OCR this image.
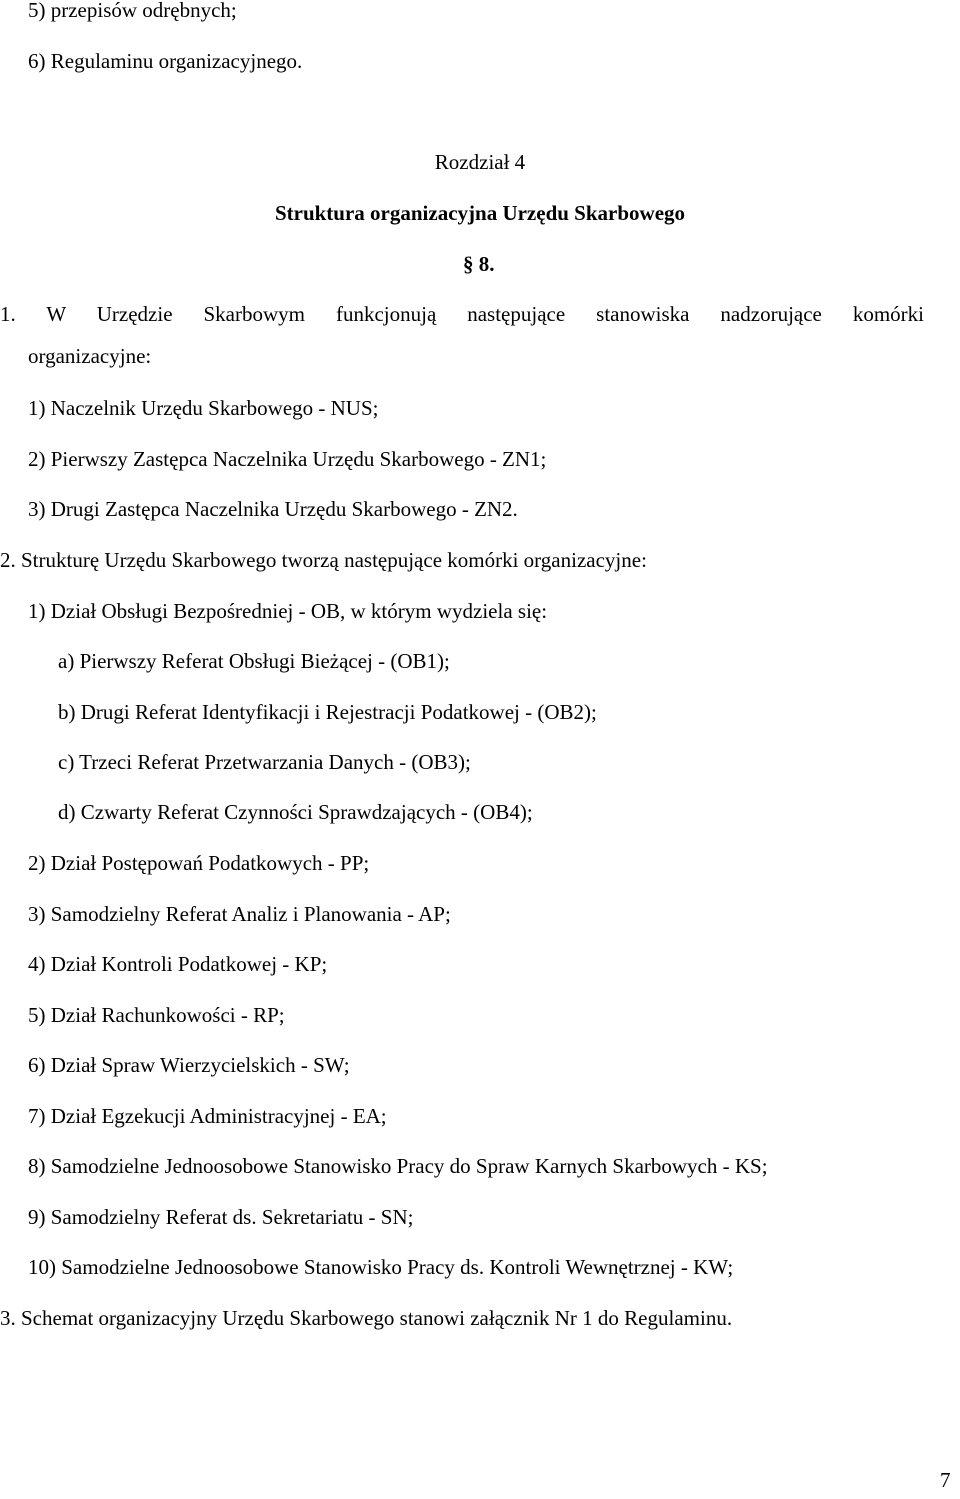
5) przepisów odrębnych;
6) Regulaminu organizacyjnego.
Rozdział 4
Struktura organizacyjna Urzędu Skarbowego
§ 8.
1. W Urzędzie Skarbowym funkcjonują następujące stanowiska nadzorujące komórki
organizacyjne:
1) Naczelnik Urzędu Skarbowego - NUS;
2) Pierwszy Zastępca Naczelnika Urzędu Skarbowego - ZN1;
3) Drugi Zastępca Naczelnika Urzędu Skarbowego - ZN2.
2. Strukturę Urzędu Skarbowego tworzą następujące komórki organizacyjne:
1) Dział Obsługi Bezpośredniej - OB, w którym wydziela się:
a) Pierwszy Referat Obsługi Bieżącej - (OB1);
b) Drugi Referat Identyfikacji i Rejestracji Podatkowej - (OB2);
c) Trzeci Referat Przetwarzania Danych - (OB3);
d) Czwarty Referat Czynności Sprawdzających - (OB4);
2) Dział Postępowań Podatkowych - PP;
3) Samodzielny Referat Analiz i Planowania - AP;
4) Dział Kontroli Podatkowej - KP;
5) Dział Rachunkowości - RP;
6) Dział Spraw Wierzycielskich - SW;
7) Dział Egzekucji Administracyjnej - EA;
8) Samodzielne Jednoosobowe Stanowisko Pracy do Spraw Karnych Skarbowych - KS;
9) Samodzielny Referat ds. Sekretariatu - SN;
10) Samodzielne Jednoosobowe Stanowisko Pracy ds. Kontroli Wewnętrznej - KW;
3. Schemat organizacyjny Urzędu Skarbowego stanowi załącznik Nr 1 do Regulaminu.
7
